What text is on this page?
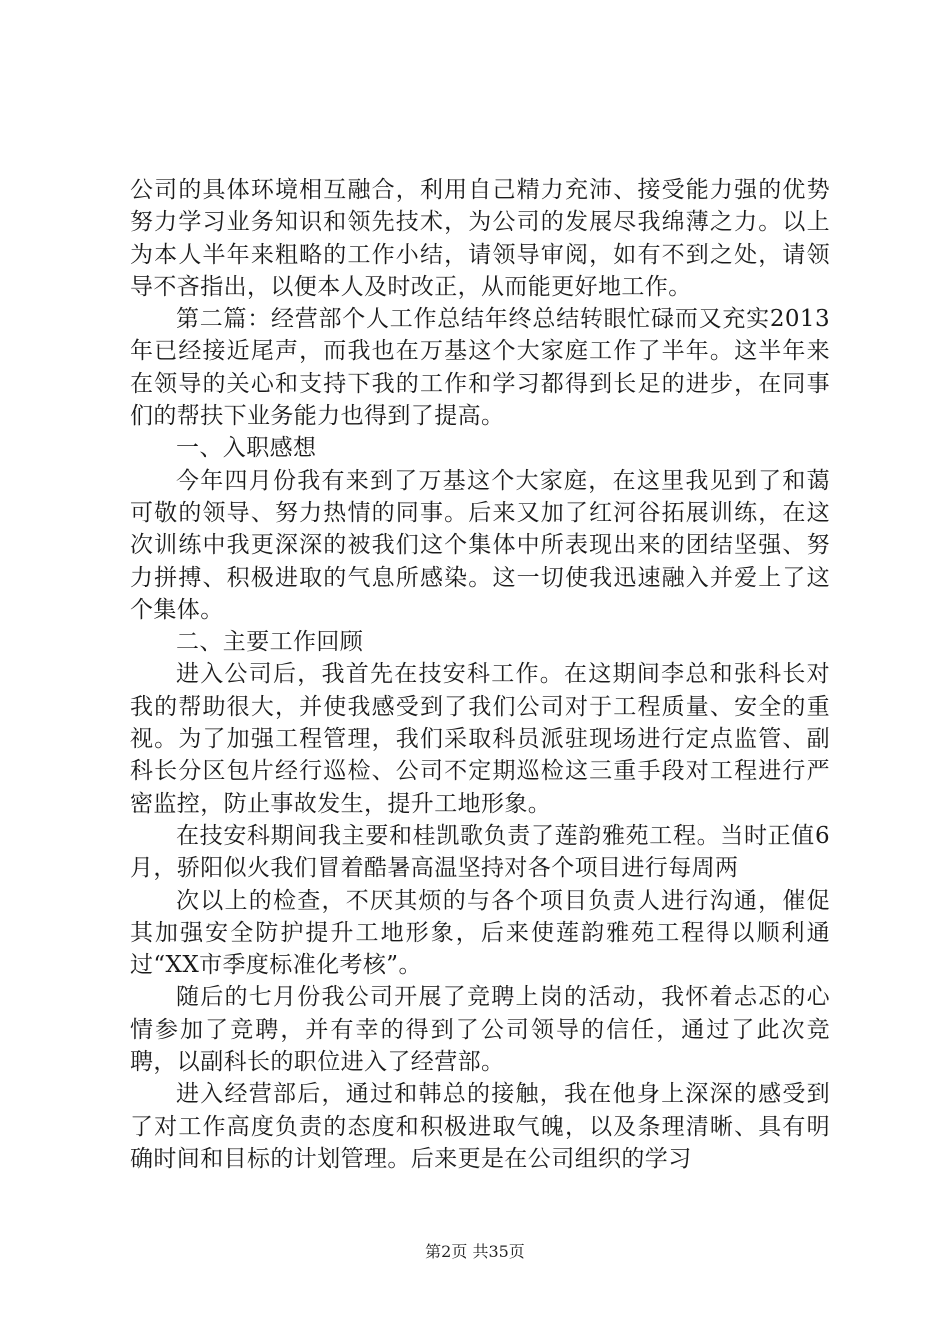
公司的具体环境相互融合，利用自己精力充沛、接受能力强的优势努力学习业务知识和领先技术，为公司的发展尽我绵薄之力。以上为本人半年来粗略的工作小结，请领导审阅，如有不到之处，请领导不吝指出，以便本人及时改正，从而能更好地工作。

第二篇：经营部个人工作总结年终总结转眼忙碌而又充实2013年已经接近尾声，而我也在万基这个大家庭工作了半年。这半年来在领导的关心和支持下我的工作和学习都得到长足的进步，在同事们的帮扶下业务能力也得到了提高。

一、入职感想

今年四月份我有来到了万基这个大家庭，在这里我见到了和蔼可敬的领导、努力热情的同事。后来又加了红河谷拓展训练，在这次训练中我更深深的被我们这个集体中所表现出来的团结坚强、努力拼搏、积极进取的气息所感染。这一切使我迅速融入并爱上了这个集体。

二、主要工作回顾

进入公司后，我首先在技安科工作。在这期间李总和张科长对我的帮助很大，并使我感受到了我们公司对于工程质量、安全的重视。为了加强工程管理，我们采取科员派驻现场进行定点监管、副科长分区包片经行巡检、公司不定期巡检这三重手段对工程进行严密监控，防止事故发生，提升工地形象。

在技安科期间我主要和桂凯歌负责了莲韵雅苑工程。当时正值6月，骄阳似火我们冒着酷暑高温坚持对各个项目进行每周两

次以上的检查，不厌其烦的与各个项目负责人进行沟通，催促其加强安全防护提升工地形象，后来使莲韵雅苑工程得以顺利通过“XX市季度标准化考核”。

随后的七月份我公司开展了竞聘上岗的活动，我怀着忐忑的心情参加了竞聘，并有幸的得到了公司领导的信任，通过了此次竞聘，以副科长的职位进入了经营部。

进入经营部后，通过和韩总的接触，我在他身上深深的感受到了对工作高度负责的态度和积极进取气魄，以及条理清晰、具有明确时间和目标的计划管理。后来更是在公司组织的学习

第2页 共35页
